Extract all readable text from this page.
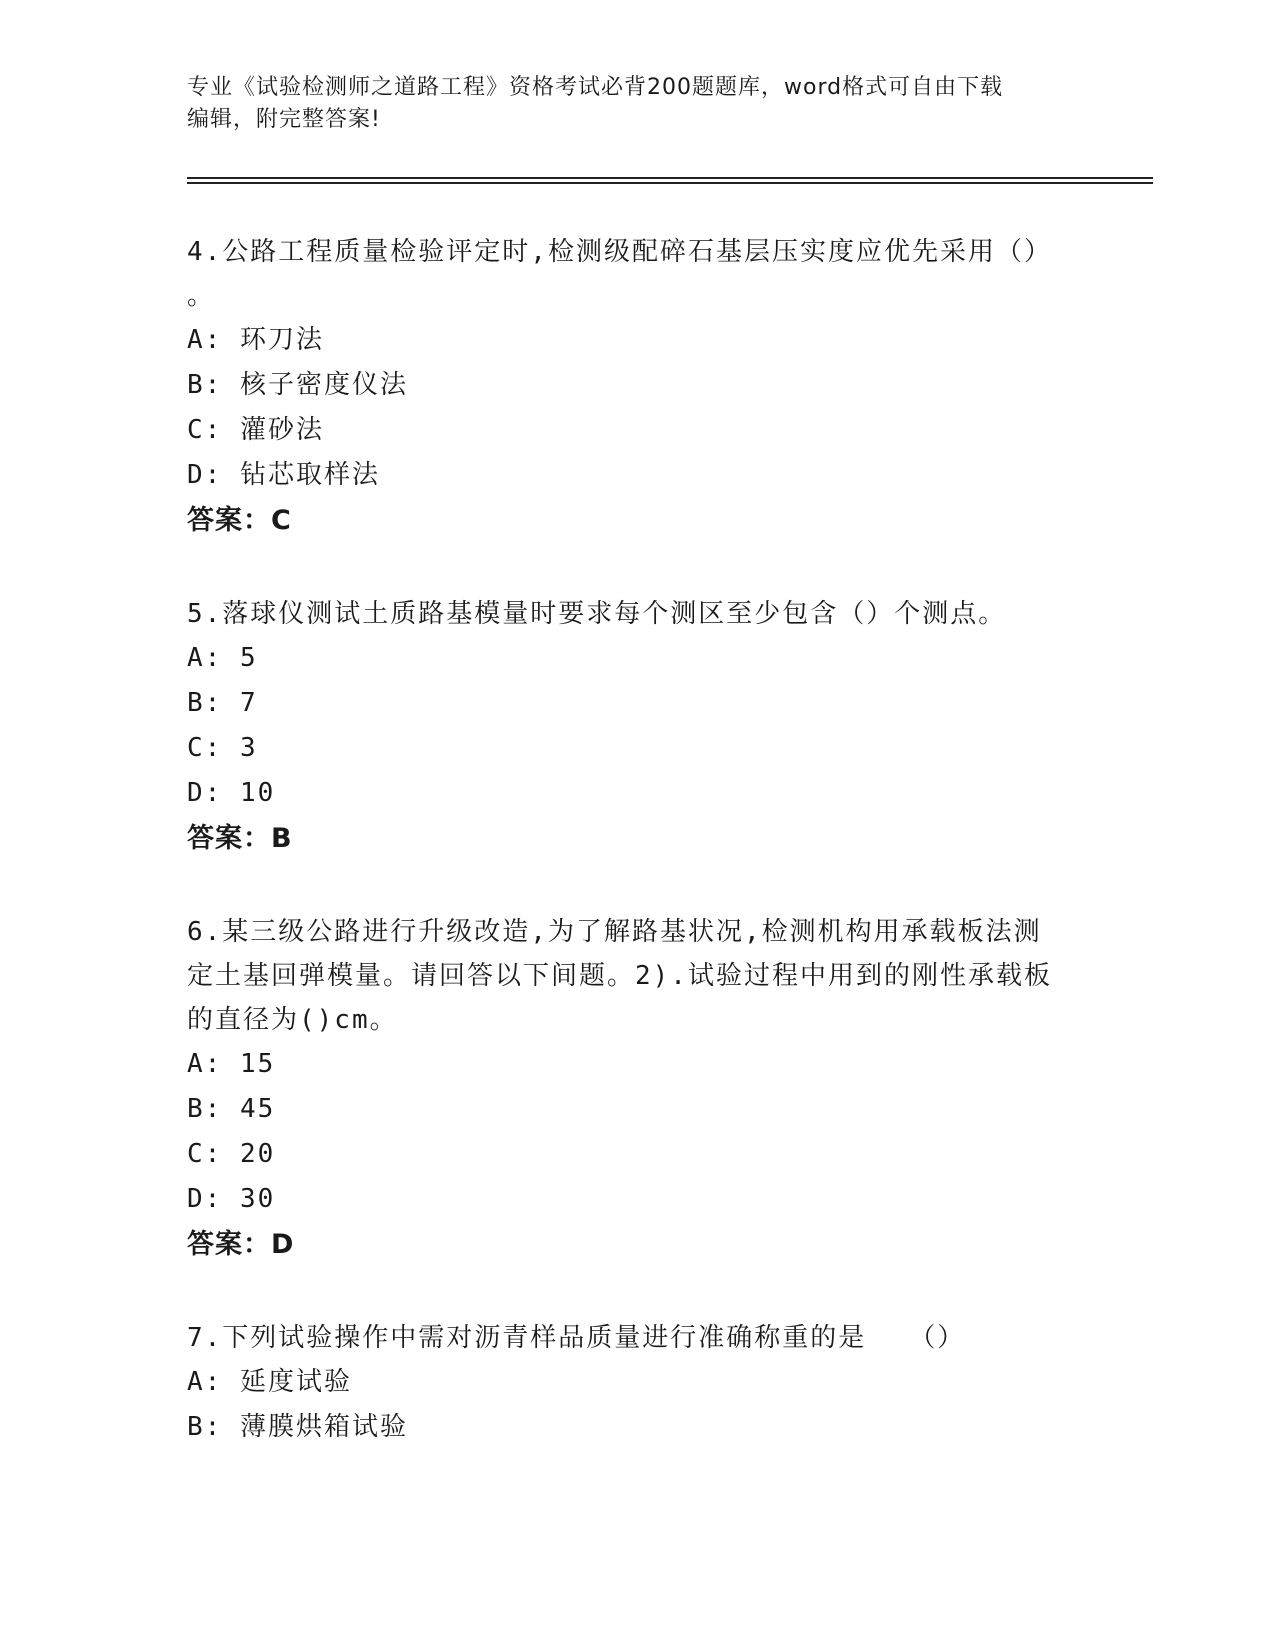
专业《试验检测师之道路工程》资格考试必背200题题库，word格式可自由下载
编辑，附完整答案!
4.公路工程质量检验评定时,检测级配碎石基层压实度应优先采用（）
。
A: 环刀法
B: 核子密度仪法
C: 灌砂法
D: 钻芯取样法
答案：C
5.落球仪测试土质路基模量时要求每个测区至少包含（）个测点。
A: 5
B: 7
C: 3
D: 10
答案：B
6.某三级公路进行升级改造,为了解路基状况,检测机构用承载板法测
定土基回弹模量。请回答以下间题。2).试验过程中用到的刚性承载板
的直径为()cm。
A: 15
B: 45
C: 20
D: 30
答案：D
7.下列试验操作中需对沥青样品质量进行准确称重的是　　（）
A: 延度试验
B: 薄膜烘箱试验
